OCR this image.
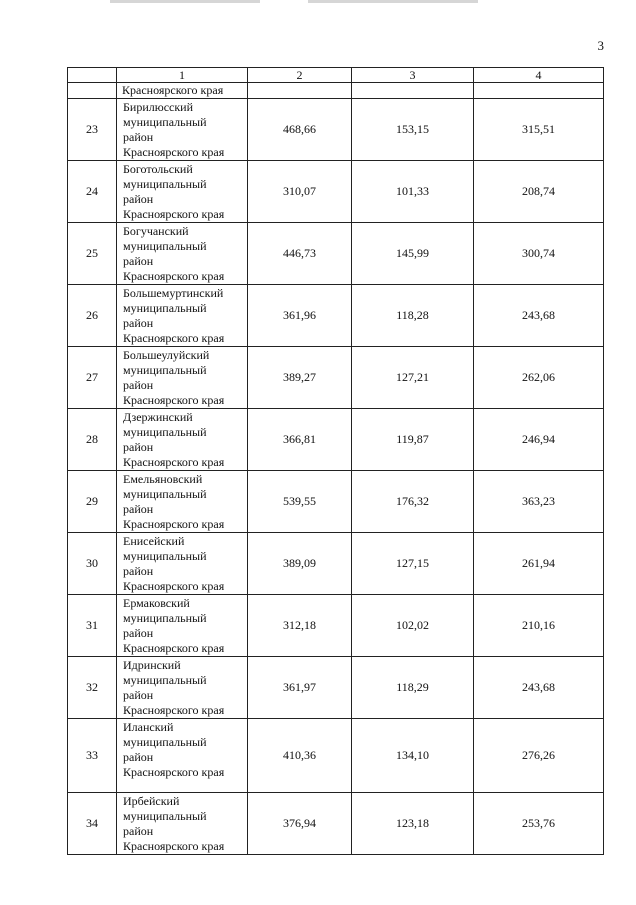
3
	1	2	3	4
	Красноярского края			
23	Бирилюсский
муниципальный
район
Красноярского края	468,66	153,15	315,51
24	Боготольский
муниципальный
район
Красноярского края	310,07	101,33	208,74
25	Богучанский
муниципальный
район
Красноярского края	446,73	145,99	300,74
26	Большемуртинский
муниципальный
район
Красноярского края	361,96	118,28	243,68
27	Большеулуйский
муниципальный
район
Красноярского края	389,27	127,21	262,06
28	Дзержинский
муниципальный
район
Красноярского края	366,81	119,87	246,94
29	Емельяновский
муниципальный
район
Красноярского края	539,55	176,32	363,23
30	Енисейский
муниципальный
район
Красноярского края	389,09	127,15	261,94
31	Ермаковский
муниципальный
район
Красноярского края	312,18	102,02	210,16
32	Идринский
муниципальный
район
Красноярского края	361,97	118,29	243,68
33	Иланский
муниципальный
район
Красноярского края	410,36	134,10	276,26
34	Ирбейский
муниципальный
район
Красноярского края	376,94	123,18	253,76
